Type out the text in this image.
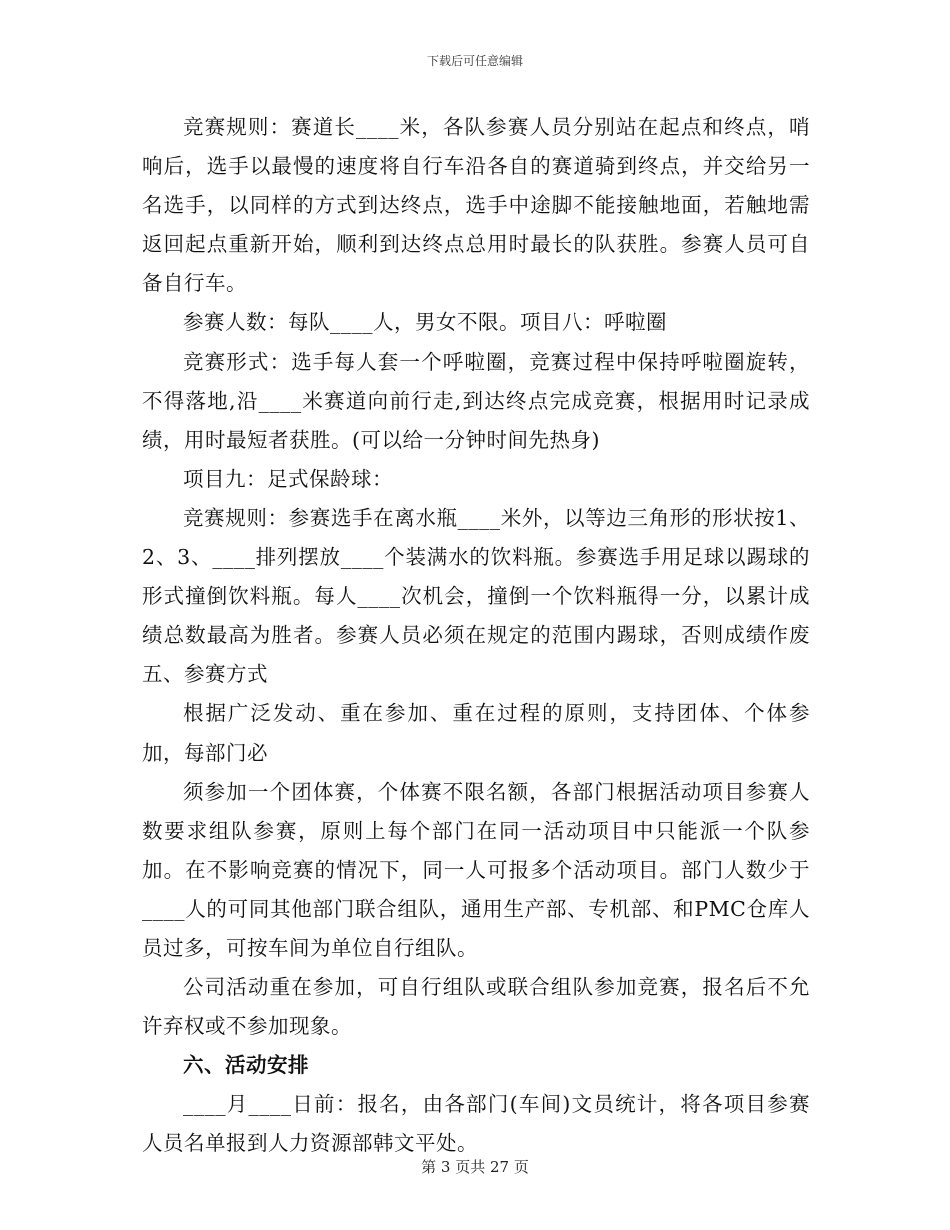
下载后可任意编辑

竞赛规则：赛道长____米，各队参赛人员分别站在起点和终点，哨响后，选手以最慢的速度将自行车沿各自的赛道骑到终点，并交给另一名选手，以同样的方式到达终点，选手中途脚不能接触地面，若触地需返回起点重新开始，顺利到达终点总用时最长的队获胜。参赛人员可自备自行车。

参赛人数：每队____人，男女不限。项目八：呼啦圈

竞赛形式：选手每人套一个呼啦圈，竞赛过程中保持呼啦圈旋转，不得落地,沿____米赛道向前行走,到达终点完成竞赛，根据用时记录成绩，用时最短者获胜。(可以给一分钟时间先热身)

项目九：足式保龄球：

竞赛规则：参赛选手在离水瓶____米外，以等边三角形的形状按1、2、3、____排列摆放____个装满水的饮料瓶。参赛选手用足球以踢球的形式撞倒饮料瓶。每人____次机会，撞倒一个饮料瓶得一分，以累计成绩总数最高为胜者。参赛人员必须在规定的范围内踢球，否则成绩作废五、参赛方式

根据广泛发动、重在参加、重在过程的原则，支持团体、个体参加，每部门必

须参加一个团体赛，个体赛不限名额，各部门根据活动项目参赛人数要求组队参赛，原则上每个部门在同一活动项目中只能派一个队参加。在不影响竞赛的情况下，同一人可报多个活动项目。部门人数少于____人的可同其他部门联合组队，通用生产部、专机部、和PMC仓库人员过多，可按车间为单位自行组队。

公司活动重在参加，可自行组队或联合组队参加竞赛，报名后不允许弃权或不参加现象。

六、活动安排

____月____日前：报名，由各部门(车间)文员统计，将各项目参赛人员名单报到人力资源部韩文平处。

第 3 页共 27 页
